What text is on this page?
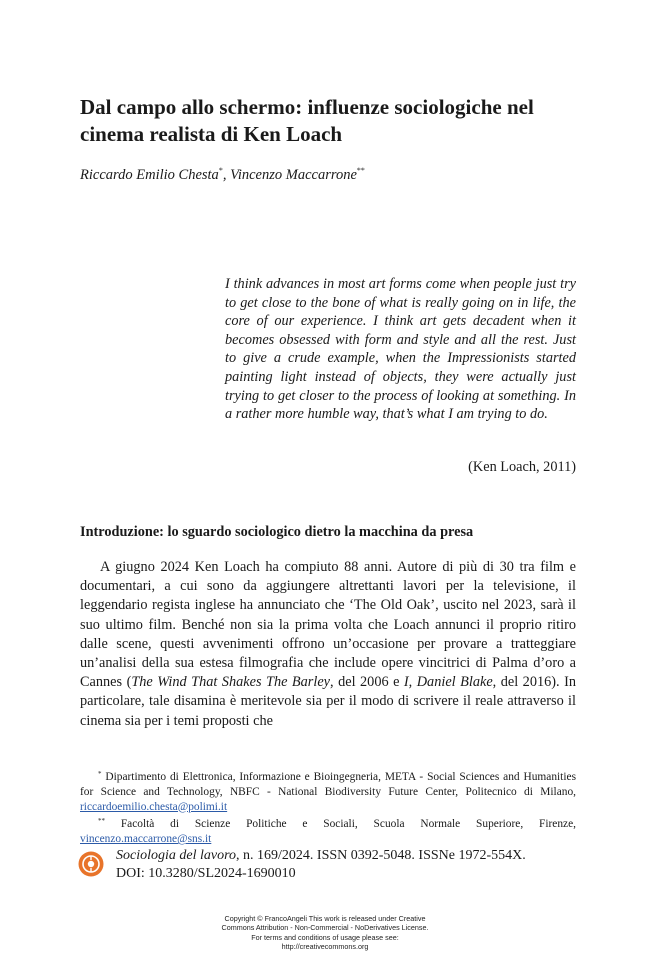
Dal campo allo schermo: influenze sociologiche nel cinema realista di Ken Loach
Riccardo Emilio Chesta*, Vincenzo Maccarrone**

I think advances in most art forms come when people just try to get close to the bone of what is really going on in life, the core of our experience. I think art gets decadent when it becomes obsessed with form and style and all the rest. Just to give a crude example, when the Impressionists started painting light instead of objects, they were actually just trying to get closer to the process of looking at something. In a rather more humble way, that’s what I am trying to do.

(Ken Loach, 2011)
Introduzione: lo sguardo sociologico dietro la macchina da presa

A giugno 2024 Ken Loach ha compiuto 88 anni. Autore di più di 30 tra film e documentari, a cui sono da aggiungere altrettanti lavori per la televisione, il leggendario regista inglese ha annunciato che ‘The Old Oak’, uscito nel 2023, sarà il suo ultimo film. Benché non sia la prima volta che Loach annunci il proprio ritiro dalle scene, questi avvenimenti offrono un’occasione per provare a tratteggiare un’analisi della sua estesa filmografia che include opere vincitrici di Palma d’oro a Cannes (The Wind That Shakes The Barley, del 2006 e I, Daniel Blake, del 2016). In particolare, tale disamina è meritevole sia per il modo di scrivere il reale attraverso il cinema sia per i temi proposti che

* Dipartimento di Elettronica, Informazione e Bioingegneria, META - Social Sciences and Humanities for Science and Technology, NBFC - National Biodiversity Future Center, Politecnico di Milano, riccardoemilio.chesta@polimi.it

** Facoltà di Scienze Politiche e Sociali, Scuola Normale Superiore, Firenze, vincenzo.maccarrone@sns.it

Sociologia del lavoro, n. 169/2024. ISSN 0392-5048. ISSNe 1972-554X.
DOI: 10.3280/SL2024-1690010
Copyright © FrancoAngeli This work is released under Creative
Commons Attribution - Non-Commercial - NoDerivatives License.
For terms and conditions of usage please see:
http://creativecommons.org
